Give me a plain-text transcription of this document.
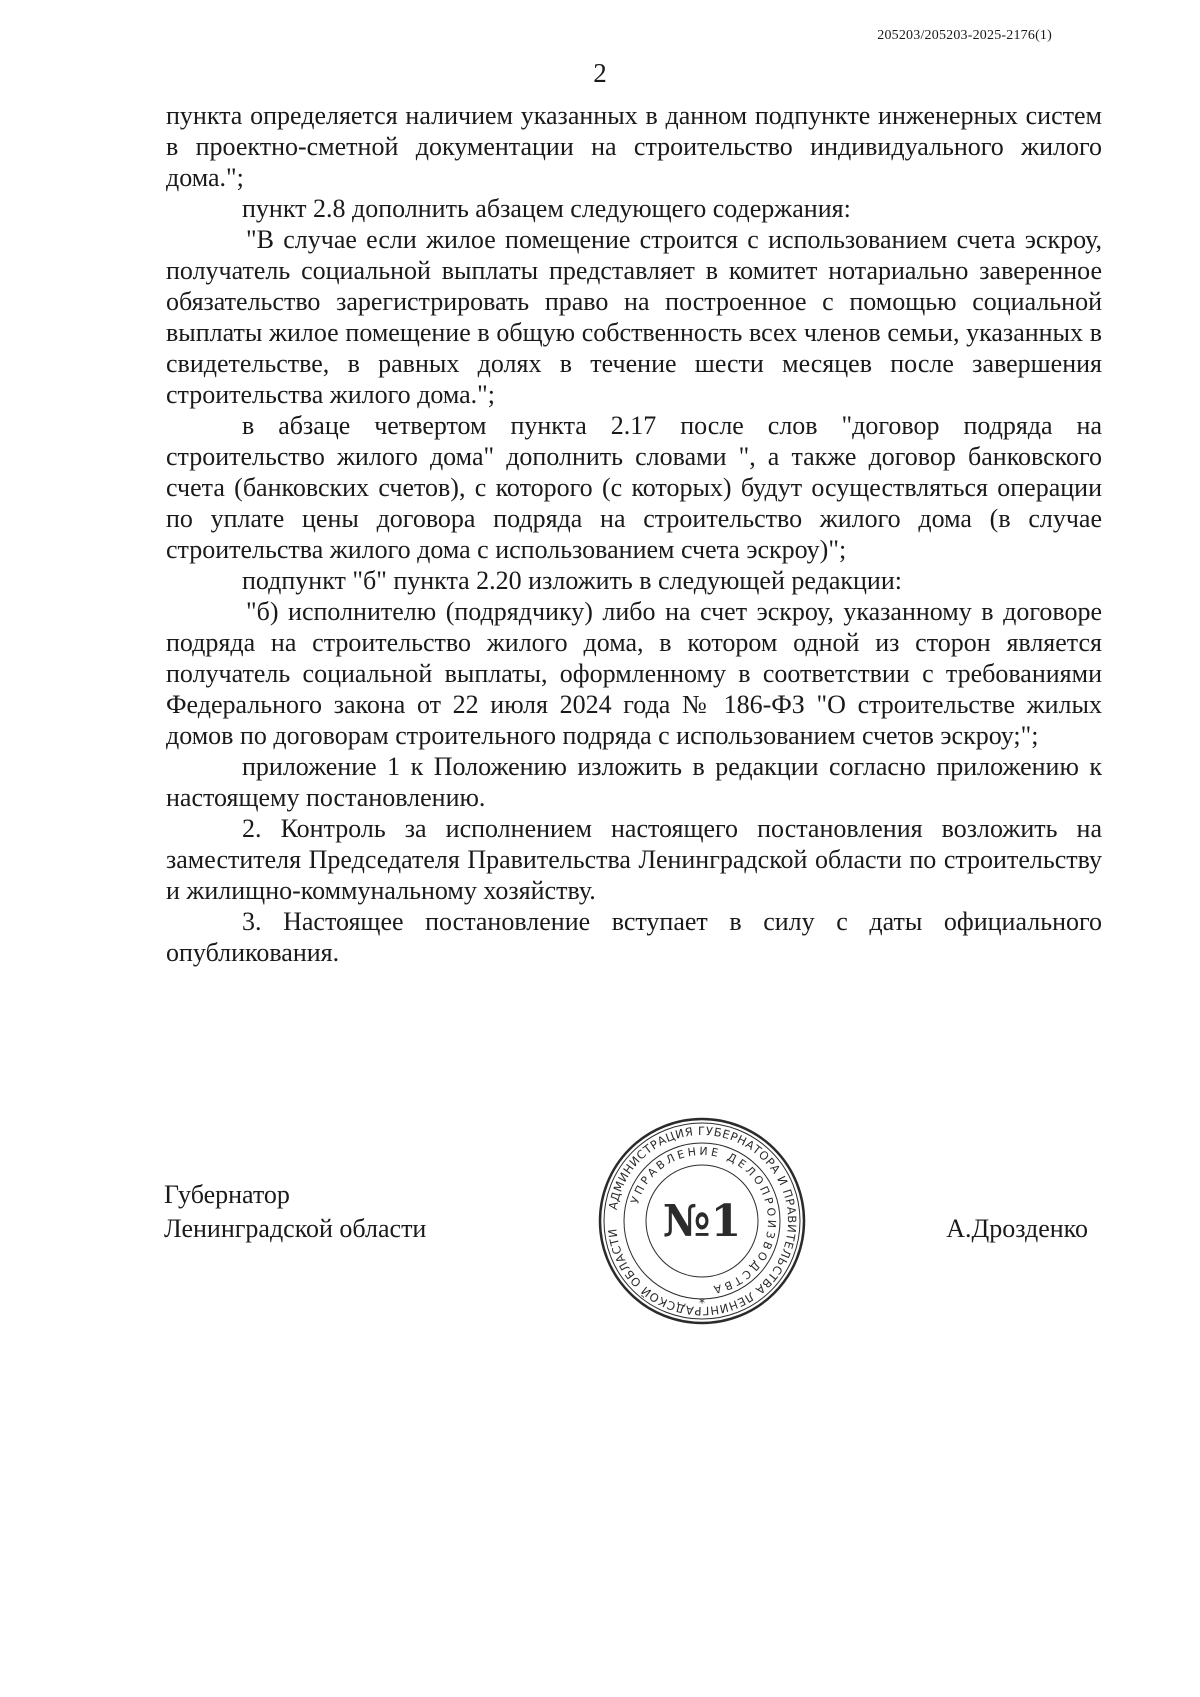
205203/205203-2025-2176(1)
2

пункта определяется наличием указанных в данном подпункте инженерных систем в проектно-сметной документации на строительство индивидуального жилого дома.";

пункт 2.8 дополнить абзацем следующего содержания:

"В случае если жилое помещение строится с использованием счета эскроу, получатель социальной выплаты представляет в комитет нотариально заверенное обязательство зарегистрировать право на построенное с помощью социальной выплаты жилое помещение в общую собственность всех членов семьи, указанных в свидетельстве, в равных долях в течение шести месяцев после завершения строительства жилого дома.";

в абзаце четвертом пункта 2.17 после слов "договор подряда на строительство жилого дома" дополнить словами ", а также договор банковского счета (банковских счетов), с которого (с которых) будут осуществляться операции по уплате цены договора подряда на строительство жилого дома (в случае строительства жилого дома с использованием счета эскроу)";

подпункт "б" пункта 2.20 изложить в следующей редакции:

"б) исполнителю (подрядчику) либо на счет эскроу, указанному в договоре подряда на строительство жилого дома, в котором одной из сторон является получатель социальной выплаты, оформленному в соответствии с требованиями Федерального закона от 22 июля 2024 года № 186-ФЗ "О строительстве жилых домов по договорам строительного подряда с использованием счетов эскроу;";

приложение 1 к Положению изложить в редакции согласно приложению к настоящему постановлению.

2. Контроль за исполнением настоящего постановления возложить на заместителя Председателя Правительства Ленинградской области по строительству и жилищно-коммунальному хозяйству.

3. Настоящее постановление вступает в силу с даты официального опубликования.

АДМИНИСТРАЦИЯ ГУБЕРНАТОРА И ПРАВИТЕЛЬСТВА ЛЕНИНГРАДСКОЙ ОБЛАСТИ
УПРАВЛЕНИЕ ДЕЛОПРОИЗВОДСТВА
№1
*
Губернатор
Ленинградской области	А.Дрозденко
